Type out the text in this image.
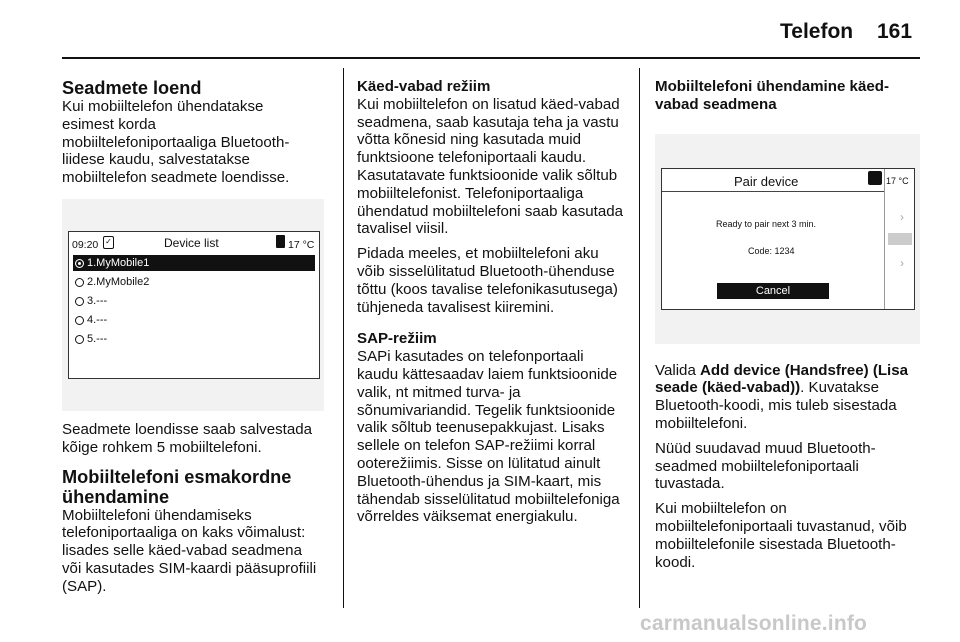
Telefon 161
Seadmete loend

Kui mobiiltelefon ühendatakse esimest korda mobiiltelefoniportaaliga Bluetooth-liidese kaudu, salvestatakse mobiiltelefon seadmete loendisse.

09:20 ✓	Device list	17 °C
1.MyMobile1
2.MyMobile2
3.---
4.---
5.---

Seadmete loendisse saab salvestada kõige rohkem 5 mobiiltelefoni.

Mobiiltelefoni esmakordne ühendamine

Mobiiltelefoni ühendamiseks telefoniportaaliga on kaks võimalust: lisades selle käed-vabad seadmena või kasutades SIM-kaardi pääsuprofiili (SAP).

Käed-vabad režiim

Kui mobiiltelefon on lisatud käed-vabad seadmena, saab kasutaja teha ja vastu võtta kõnesid ning kasutada muid funktsioone telefoniportaali kaudu. Kasutatavate funktsioonide valik sõltub mobiiltelefonist. Telefoniportaaliga ühendatud mobiiltelefoni saab kasutada tavalisel viisil.

Pidada meeles, et mobiiltelefoni aku võib sisselülitatud Bluetooth-ühenduse tõttu (koos tavalise telefonikasutusega) tühjeneda tavalisest kiiremini.

SAP-režiim

SAPi kasutades on telefonportaali kaudu kättesaadav laiem funktsioonide valik, nt mitmed turva- ja sõnumivariandid. Tegelik funktsioonide valik sõltub teenusepakkujast. Lisaks sellele on telefon SAP-režiimi korral ooterežiimis. Sisse on lülitatud ainult Bluetooth-ühendus ja SIM-kaart, mis tähendab sisselülitatud mobiiltelefoniga võrreldes väiksemat energiakulu.

Mobiiltelefoni ühendamine käed-vabad seadmena
Pair device
Ready to pair next 3 min.
Code: 1234
Cancel
17 °C
›
›

Valida Add device (Handsfree) (Lisa seade (käed-vabad)). Kuvatakse Bluetooth-koodi, mis tuleb sisestada mobiiltelefoni.

Nüüd suudavad muud Bluetooth-seadmed mobiiltelefoniportaali tuvastada.

Kui mobiiltelefon on mobiiltelefoniportaali tuvastanud, võib mobiiltelefonile sisestada Bluetooth-koodi.

carmanualsonline.info
